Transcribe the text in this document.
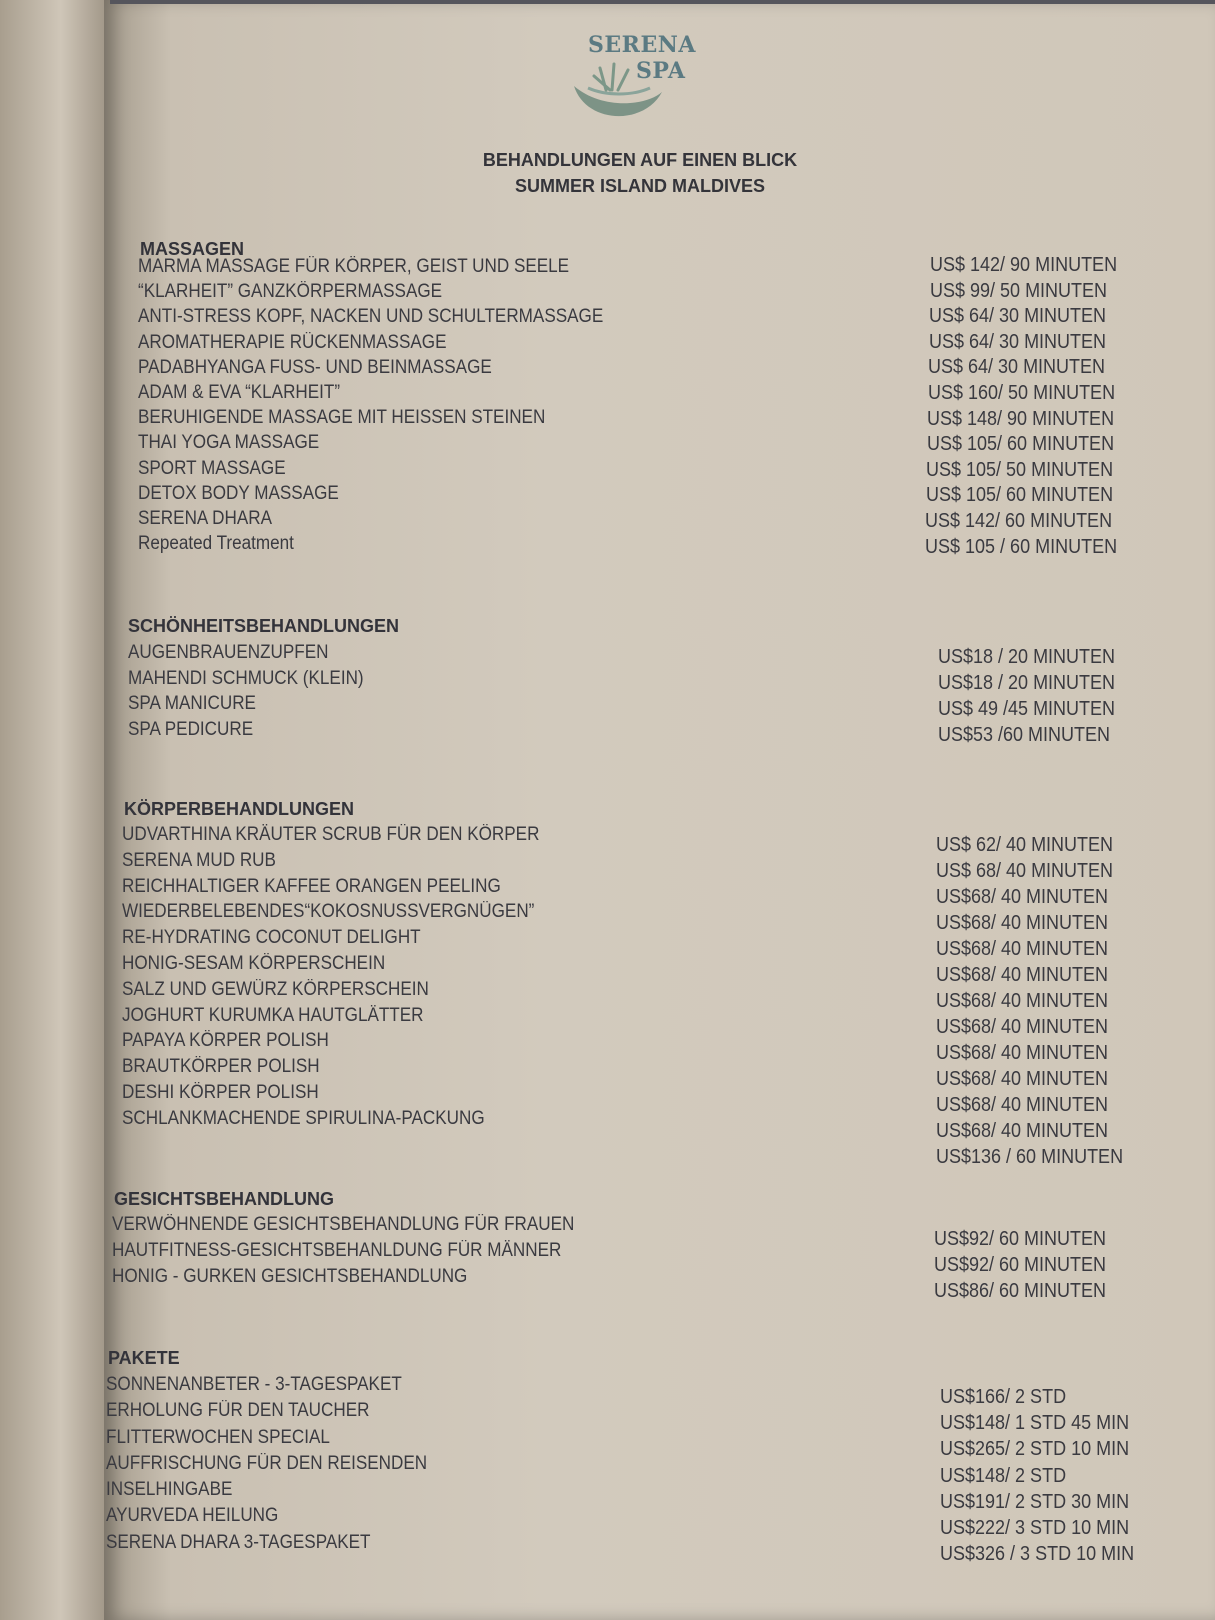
SERENA
SPA
BEHANDLUNGEN AUF EINEN BLICK
SUMMER ISLAND MALDIVES
MASSAGEN
MARMA MASSAGE FÜR KÖRPER, GEIST UND SEELE
“KLARHEIT” GANZKÖRPERMASSAGE
ANTI-STRESS KOPF, NACKEN UND SCHULTERMASSAGE
AROMATHERAPIE RÜCKENMASSAGE
PADABHYANGA FUSS- UND BEINMASSAGE
ADAM & EVA “KLARHEIT”
BERUHIGENDE MASSAGE MIT HEISSEN STEINEN
THAI YOGA MASSAGE
SPORT MASSAGE
DETOX BODY MASSAGE
SERENA DHARA
Repeated Treatment
US$ 142/ 90 MINUTEN
US$ 99/ 50 MINUTEN
US$ 64/ 30 MINUTEN
US$ 64/ 30 MINUTEN
US$ 64/ 30 MINUTEN
US$ 160/ 50 MINUTEN
US$ 148/ 90 MINUTEN
US$ 105/ 60 MINUTEN
US$ 105/ 50 MINUTEN
US$ 105/ 60 MINUTEN
US$ 142/ 60 MINUTEN
US$ 105 / 60 MINUTEN
SCHÖNHEITSBEHANDLUNGEN
AUGENBRAUENZUPFEN
MAHENDI SCHMUCK (KLEIN)
SPA MANICURE
SPA PEDICURE
US$18 / 20 MINUTEN
US$18 / 20 MINUTEN
US$ 49 /45 MINUTEN
US$53 /60 MINUTEN
KÖRPERBEHANDLUNGEN
UDVARTHINA KRÄUTER SCRUB FÜR DEN KÖRPER
SERENA MUD RUB
REICHHALTIGER KAFFEE ORANGEN PEELING
WIEDERBELEBENDES“KOKOSNUSSVERGNÜGEN”
RE-HYDRATING COCONUT DELIGHT
HONIG-SESAM KÖRPERSCHEIN
SALZ UND GEWÜRZ KÖRPERSCHEIN
JOGHURT KURUMKA HAUTGLÄTTER
PAPAYA KÖRPER POLISH
BRAUTKÖRPER POLISH
DESHI KÖRPER POLISH
SCHLANKMACHENDE SPIRULINA-PACKUNG
US$ 62/ 40 MINUTEN
US$ 68/ 40 MINUTEN
US$68/ 40 MINUTEN
US$68/ 40 MINUTEN
US$68/ 40 MINUTEN
US$68/ 40 MINUTEN
US$68/ 40 MINUTEN
US$68/ 40 MINUTEN
US$68/ 40 MINUTEN
US$68/ 40 MINUTEN
US$68/ 40 MINUTEN
US$68/ 40 MINUTEN
US$136 / 60 MINUTEN
GESICHTSBEHANDLUNG
VERWÖHNENDE GESICHTSBEHANDLUNG FÜR FRAUEN
HAUTFITNESS-GESICHTSBEHANLDUNG FÜR MÄNNER
HONIG - GURKEN GESICHTSBEHANDLUNG
US$92/ 60 MINUTEN
US$92/ 60 MINUTEN
US$86/ 60 MINUTEN
PAKETE
SONNENANBETER - 3-TAGESPAKET
ERHOLUNG FÜR DEN TAUCHER
FLITTERWOCHEN SPECIAL
AUFFRISCHUNG FÜR DEN REISENDEN
INSELHINGABE
AYURVEDA HEILUNG
SERENA DHARA 3-TAGESPAKET
US$166/ 2 STD
US$148/ 1 STD 45 MIN
US$265/ 2 STD 10 MIN
US$148/ 2 STD
US$191/ 2 STD 30 MIN
US$222/ 3 STD 10 MIN
US$326 / 3 STD 10 MIN
